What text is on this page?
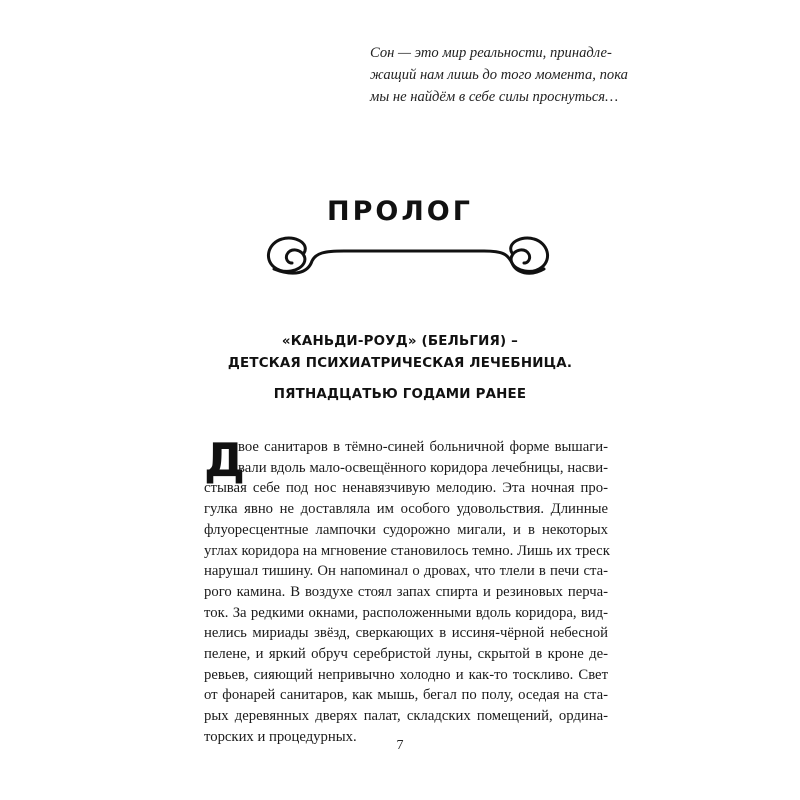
Сон — это мир реальности, принадле-
жащий нам лишь до того момента, пока
мы не найдём в себе силы проснуться…
ПРОЛОГ
«КАНЬДИ-РОУД» (БЕЛЬГИЯ) –
ДЕТСКАЯ ПСИХИАТРИЧЕСКАЯ ЛЕЧЕБНИЦА.
ПЯТНАДЦАТЬЮ ГОДАМИ РАНЕЕ
Д
вое санитаров в тёмно-синей больничной форме вышаги-
вали вдоль мало-освещённого коридора лечебницы, насви-
стывая себе под нос ненавязчивую мелодию. Эта ночная про-
гулка явно не доставляла им особого удовольствия. Длинные
флуоресцентные лампочки судорожно мигали, и в некоторых
углах коридора на мгновение становилось темно. Лишь их треск
нарушал тишину. Он напоминал о дровах, что тлели в печи ста-
рого камина. В воздухе стоял запах спирта и резиновых перча-
ток. За редкими окнами, расположенными вдоль коридора, вид-
нелись мириады звёзд, сверкающих в иссиня-чёрной небесной
пелене, и яркий обруч серебристой луны, скрытой в кроне де-
ревьев, сияющий непривычно холодно и как-то тоскливо. Свет
от фонарей санитаров, как мышь, бегал по полу, оседая на ста-
рых деревянных дверях палат, складских помещений, ордина-
торских и процедурных.
7
